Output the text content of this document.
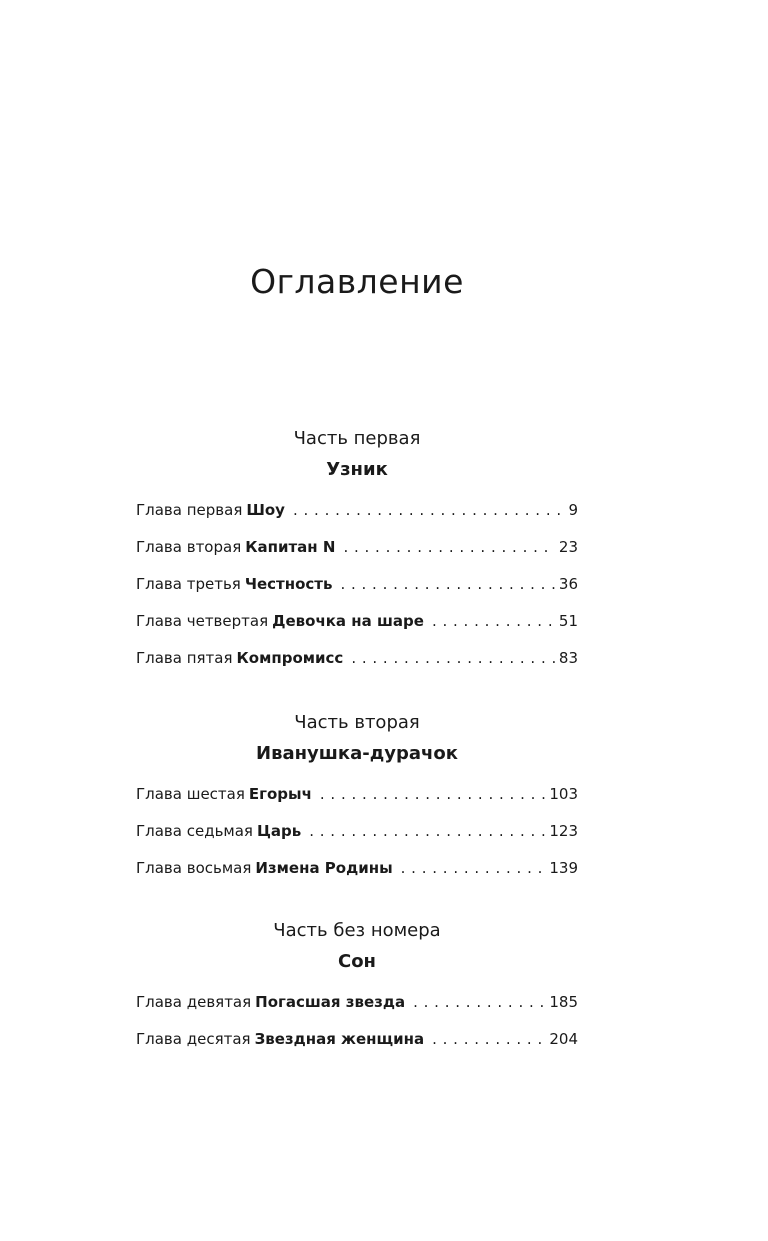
Оглавление
Часть первая
Узник
Глава первая Шоу . . .	9
Глава вторая Капитан N . . .	23
Глава третья Честность . . .	36
Глава четвертая Девочка на шаре . . .	51
Глава пятая Компромисс . . .	83
Часть вторая
Иванушка-дурачок
Глава шестая Егорыч . . .	103
Глава седьмая Царь . . .	123
Глава восьмая Измена Родины . . .	139
Часть без номера
Сон
Глава девятая Погасшая звезда . . .	185
Глава десятая Звездная женщина . . .	204
